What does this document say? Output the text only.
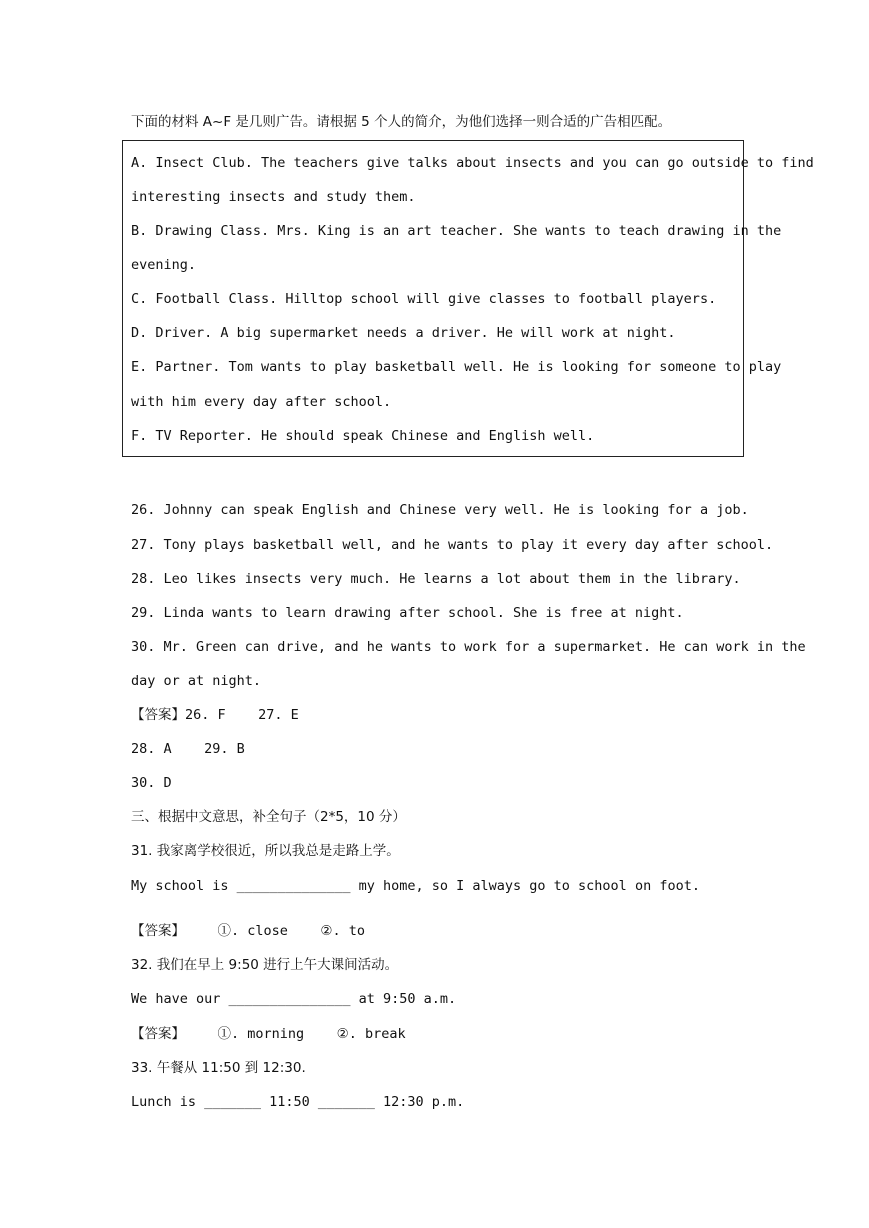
下面的材料 A~F 是几则广告。请根据 5 个人的简介，为他们选择一则合适的广告相匹配。
A. Insect Club. The teachers give talks about insects and you can go outside to find
interesting insects and study them.
B. Drawing Class. Mrs. King is an art teacher. She wants to teach drawing in the
evening.
C. Football Class. Hilltop school will give classes to football players.
D. Driver. A big supermarket needs a driver. He will work at night.
E. Partner. Tom wants to play basketball well. He is looking for someone to play
with him every day after school.
F. TV Reporter. He should speak Chinese and English well.
26. Johnny can speak English and Chinese very well. He is looking for a job.
27. Tony plays basketball well, and he wants to play it every day after school.
28. Leo likes insects very much. He learns a lot about them in the library.
29. Linda wants to learn drawing after school. She is free at night.
30. Mr. Green can drive, and he wants to work for a supermarket. He can work in the
day or at night.
【答案】26. F    27. E
28. A    29. B
30. D
三、根据中文意思，补全句子（2*5，10 分）
31. 我家离学校很近，所以我总是走路上学。
My school is ______________ my home, so I always go to school on foot.
【答案】    ①. close    ②. to
32. 我们在早上 9:50 进行上午大课间活动。
We have our _______________ at 9:50 a.m.
【答案】    ①. morning    ②. break
33. 午餐从 11:50 到 12:30.
Lunch is _______ 11:50 _______ 12:30 p.m.
